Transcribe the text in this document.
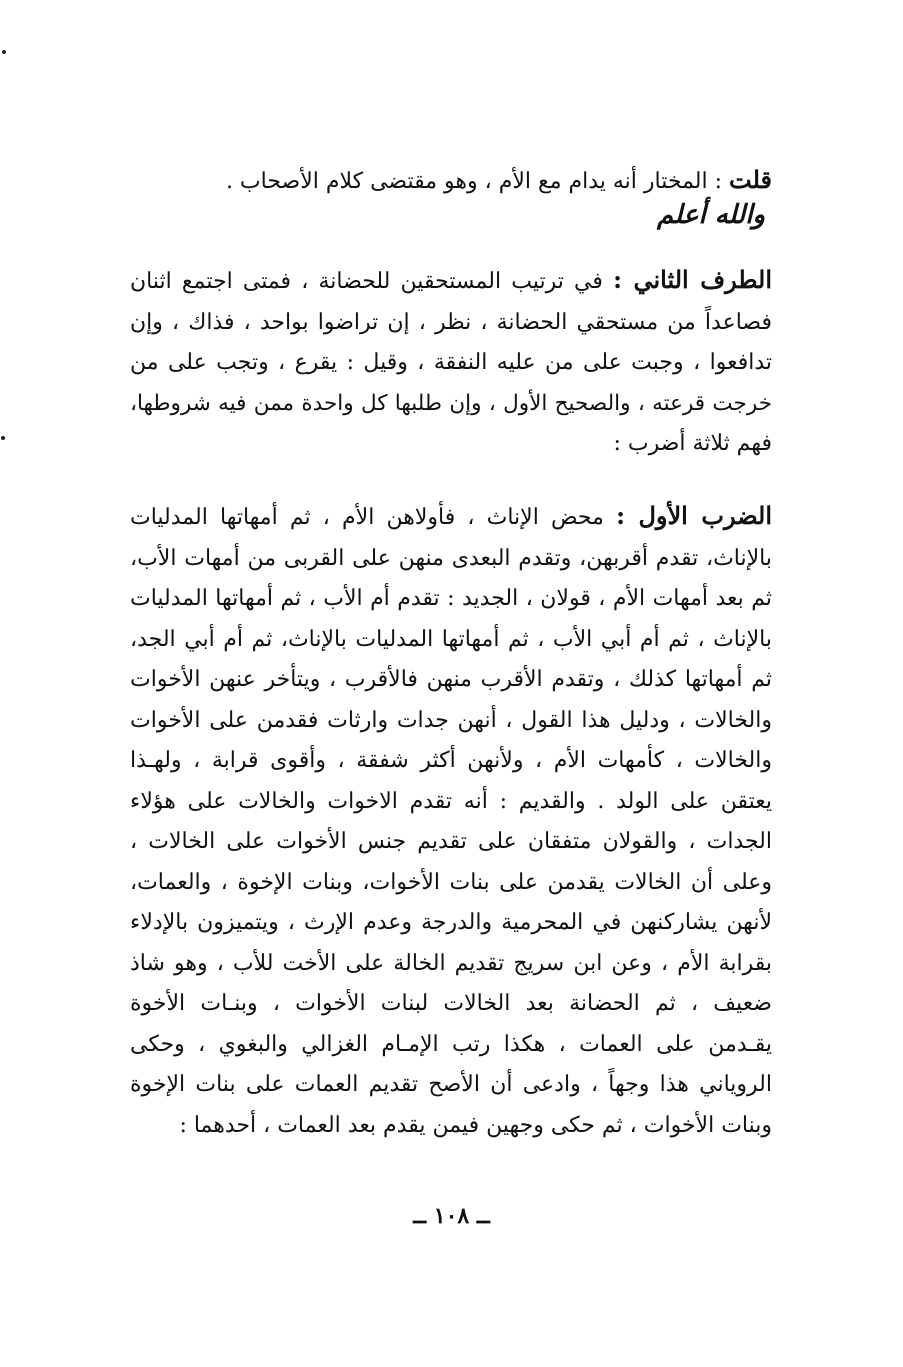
قلت : المختار أنه يدام مع الأم ، وهو مقتضى كلام الأصحاب .
والله أعلم
الطرف الثاني : في ترتيب المستحقين للحضانة ، فمتى اجتمع اثنان
فصاعداً من مستحقي الحضانة ، نظر ، إن تراضوا بواحد ، فذاك ، وإن
تدافعوا ، وجبت على من عليه النفقة ، وقيل : يقرع ، وتجب على من
خرجت قرعته ، والصحيح الأول ، وإن طلبها كل واحدة ممن فيه شروطها،
فهم ثلاثة أضرب :
الضرب الأول : محض الإناث ، فأولاهن الأم ، ثم أمهاتها المدليات
بالإناث، تقدم أقربهن، وتقدم البعدى منهن على القربى من أمهات الأب،
ثم بعد أمهات الأم ، قولان ، الجديد : تقدم أم الأب ، ثم أمهاتها المدليات
بالإناث ، ثم أم أبي الأب ، ثم أمهاتها المدليات بالإناث، ثم أم أبي الجد،
ثم أمهاتها كذلك ، وتقدم الأقرب منهن فالأقرب ، ويتأخر عنهن الأخوات
والخالات ، ودليل هذا القول ، أنهن جدات وارثات فقدمن على الأخوات
والخالات ، كأمهات الأم ، ولأنهن أكثر شفقة ، وأقوى قرابة ، ولهـذا
يعتقن على الولد . والقديم : أنه تقدم الاخوات والخالات على هؤلاء
الجدات ، والقولان متفقان على تقديم جنس الأخوات على الخالات ،
وعلى أن الخالات يقدمن على بنات الأخوات، وبنات الإخوة ، والعمات،
لأنهن يشاركنهن في المحرمية والدرجة وعدم الإرث ، ويتميزون بالإدلاء
بقرابة الأم ، وعن ابن سريج تقديم الخالة على الأخت للأب ، وهو شاذ
ضعيف ، ثم الحضانة بعد الخالات لبنات الأخوات ، وبنـات الأخوة
يقـدمن على العمات ، هكذا رتب الإمـام الغزالي والبغوي ، وحكى
الروياني هذا وجهاً ، وادعى أن الأصح تقديم العمات على بنات الإخوة
وبنات الأخوات ، ثم حكى وجهين فيمن يقدم بعد العمات ، أحدهما :
ــ ١٠٨ ــ
